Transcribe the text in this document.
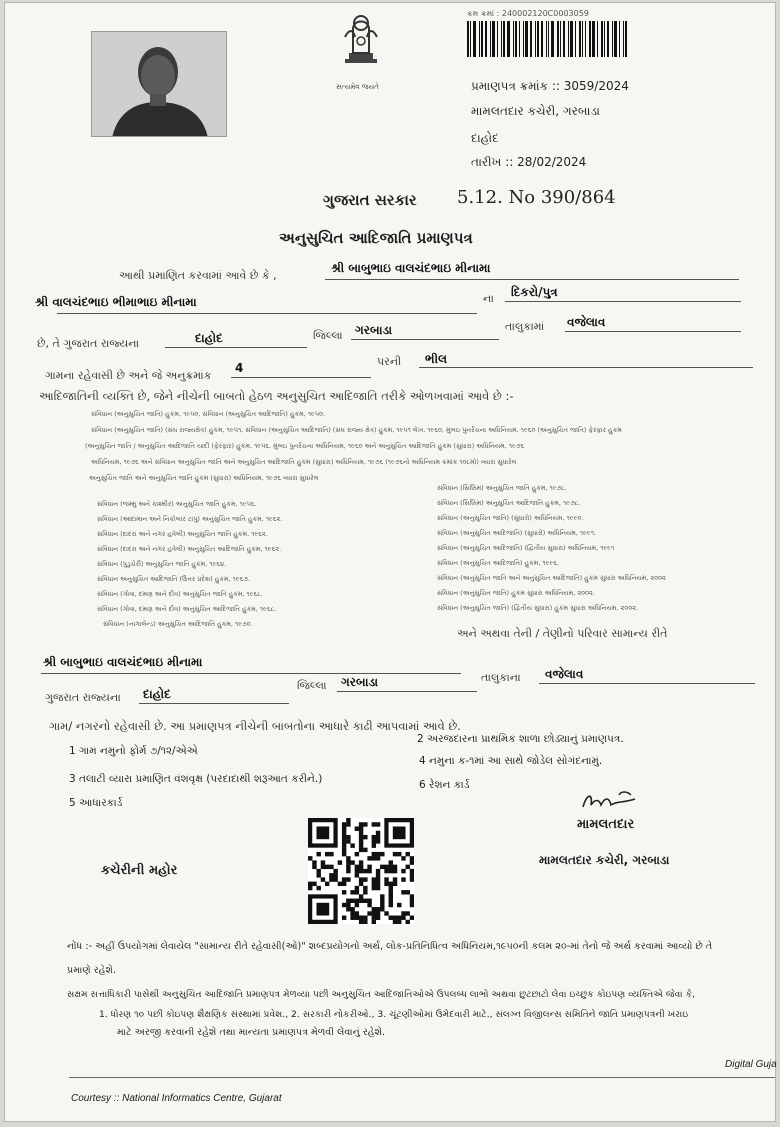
સત્યમેવ જયતે
ક્રમ ક્રમાં : 240002120C0003059
પ્રમાણપત્ર ક્રમાંક :: 3059/2024
મામલતદાર કચેરી, ગરબાડા
દાહોદ
તારીખ :: 28/02/2024
ગુજરાત સરકાર 5.12. No 390/864
અનુસુચિત આદિજાતિ પ્રમાણપત્ર
આથી પ્રમાણિત કરવામાં આવે છે કે ,
શ્રી બાબુભાઇ વાલચંદભાઇ મીનામા
શ્રી વાલચંદભાઇ ભીમાભાઇ મીનામા	ના દિકરો/પુત્ર
છે, તે ગુજરાત રાજ્યના	દાહોદ	જિલ્લા ગરબાડા	તાલુકામાં વજેલાવ
ગામના રહેવાસી છે અને જે અનુક્રમાંક
4	પરની ભીલ
આદિજાતિની વ્યક્તિ છે, જેને નીચેની બાબતો હેઠળ અનુસુચિત આદિજાતિ તરીકે ઓળખવામાં આવે છે :-
સંવિધાન (અનુસુચિત જાતિ) હુકમ, ૧૯૫૦, સંવિધાન (અનુસુચિત આદિજાતિ) હુકમ, ૧૯૫૦.
સંવિધાન (અનુસુચિત જાતિ) (સંઘ રાજ્યક્ષેત્ર) હુકમ, ૧૯૫૧, સંવિધાન (અનુસુચિત આદિજાતિ) (સંઘ રાજ્ય ક્ષેત્ર) હુકમ, ૧૯૫૧ લેખ, ૧૯૬૦, મુંબઇ પુનર્રચના અધિનિયમ, ૧૯૬૦ (અનુસુચિત જાતિ) ફેરફાર હુકમ
(અનુસુચિત જાતિ / અનુસુચિત આદિજાતિ યાદી (ફેરફાર) હુકમ, ૧૯૫૬, મુંબઇ પુનર્રચના અધિનિયમ, ૧૯૬૦ અને અનુસુચિત આદિજાતિ હુકમ (સુધારા) અધિનિયમ, ૧૯૭૬
અધિનિયમ, ૧૯૭૬ અને સંવિધાન અનુસુચિત જાતિ અને અનુસુચિત આદિજાતિ હુકમ (સુધારા) અધિનિયમ, ૧૯૭૬ (૧૯૭૬નો અધિનિયમ ક્રમાંક ૧૦૮મો) વ્યારા સુધારેલ
અનુસુચિત જાતિ અને અનુસુચિત જાતિ હુકમ (સુધારા) અધિનિયમ, ૧૯૭૬ વ્યારા સુધારેલ
સંવિધાન (જમ્મુ અને કાશ્મીર) અનુસુચિત જાતિ હુકમ, ૧૯૫૬.
સંવિધાન (આંદામાન અને નિકોબાર ટાપુ) અનુસુચિત જાતિ હુકમ, ૧૯૬૨.
સંવિધાન (દાદરા અને નગર હવેલી) અનુસુચિત જાતિ હુકમ, ૧૯૬૨.
સંવિધાન (દાદરા અને નગર હવેલી) અનુસુચિત આદિજાતિ હુકમ, ૧૯૬૨.
સંવિધાન (પુડુચેરી) અનુસુચિત જાતિ હુકમ, ૧૯૬૪.
સંવિધાન અનુસુચિત આદિજાતિ (ઉત્તર પ્રદેશ) હુકમ, ૧૯૬૭.
સંવિધાન (ગોવા, દમણ અને દીવ) અનુસુચિત જાતિ હુકમ, ૧૯૬૮.
સંવિધાન (ગોવા, દમણ અને દીવ) અનુસુચિત આદિજાતિ હુકમ, ૧૯૬૮.
સંવિધાન (નાગાલેન્ડ) અનુસુચિત આદિજાતિ હુકમ, ૧૯૭૦.
સંવિધાન (સિક્કિમ) અનુસુચિત જાતિ હુકમ, ૧૯૭૮.
સંવિધાન (સિક્કિમ) અનુસુચિત આદિજાતિ હુકમ, ૧૯૭૮.
સંવિધાન (અનુસુચિત જાતિ) (સુધારો) અધિનિયમ, ૧૯૯૦.
સંવિધાન (અનુસુચિત આદિજાતિ) (સુધારો) અધિનિયમ, ૧૯૯૧.
સંવિધાન (અનુસુચિત આદિજાતિ) (દ્વિતીય સુધારા) અધિનિયમ, ૧૯૯૧
સંવિધાન (અનુસુચિત આદિજાતિ) હુકમ, ૧૯૯૬.
સંવિધાન (અનુસુચિત જાતિ અને અનુસુચિત આદિજાતિ) હુકમ સુધારા અધિનિયમ, ૨૦૦૨
સંવિધાન (અનુસુચિત જાતિ) હુકમ સુધારા અધિનિયમ, ૨૦૦૨.
સંવિધાન (અનુસુચિત જાતિ) (દ્વિતીય સુધારા) હુકમ સુધારા અધિનિયમ, ૨૦૦૨.
અને અથવા તેની / તેણીનો પરિવાર સામાન્ય રીતે
શ્રી બાબુભાઇ વાલચંદભાઇ મીનામા
ગુજરાત રાજ્યના દાહોદ
જિલ્લા ગરબાડા	તાલુકાના વજેલાવ
ગામ/ નગરનો રહેવાસી છે. આ પ્રમાણપત્ર નીચેની બાબતોના આધારે કાઢી આપવામાં આવે છે.
1 ગામ નમુનો ફોર્મ ૭/૧૨/એએ
2 અરજદારના પ્રાથમિક શાળા છોડ્યાનું પ્રમાણપત્ર.
3 તલાટી વ્યારા પ્રમાણિત વંશવૃક્ષ (પરદાદાથી શરૂઆત કરીને.)
4 નમુના ક-૧માં આ સાથે જોડેલ સોગંદનામું.
5 આધારકાર્ડ
6 રેશન કાર્ડ
મામલતદાર
મામલતદાર કચેરી, ગરબાડા
કચેરીની મહોર
નોંધ :- અહીં ઉપયોગમાં લેવાયેલ "સામાન્ય રીતે રહેવાસી(ઓ)" શબ્દપ્રયોગનો અર્થ, લોક-પ્રતિનિધિત્વ અધિનિયમ,૧૯૫૦ની કલમ ૨૦-માં તેનો જે અર્થ કરવામાં આવ્યો છે તે
પ્રમાણે રહેશે.
સક્ષમ સત્તાધિકારી પાસેથી અનુસુચિત આદિજાતિ પ્રમાણપત્ર મેળવ્યા પછી અનુસુચિત આદિજાતિઓએ ઉપલબ્ધ લાભો અથવા છુટછાટો લેવા ઇચ્છુક કોઇપણ વ્યક્તિએ જેવા કે,
1. ધોરણ ૧૦ પછી કોઇપણ શૈક્ષણિક સંસ્થામાં પ્રવેશ., 2. સરકારી નોકરીઓ., 3. ચૂંટણીઓમાં ઉમેદવારી માટે., સંલગ્ન વિજીલન્સ સમિતિને જાતિ પ્રમાણપત્રની ખરાઇ
માટે અરજી કરવાની રહેશે તથા માન્યતા પ્રમાણપત્ર મેળવી લેવાનું રહેશે.
Digital Guja
Courtesy :: National Informatics Centre, Gujarat
